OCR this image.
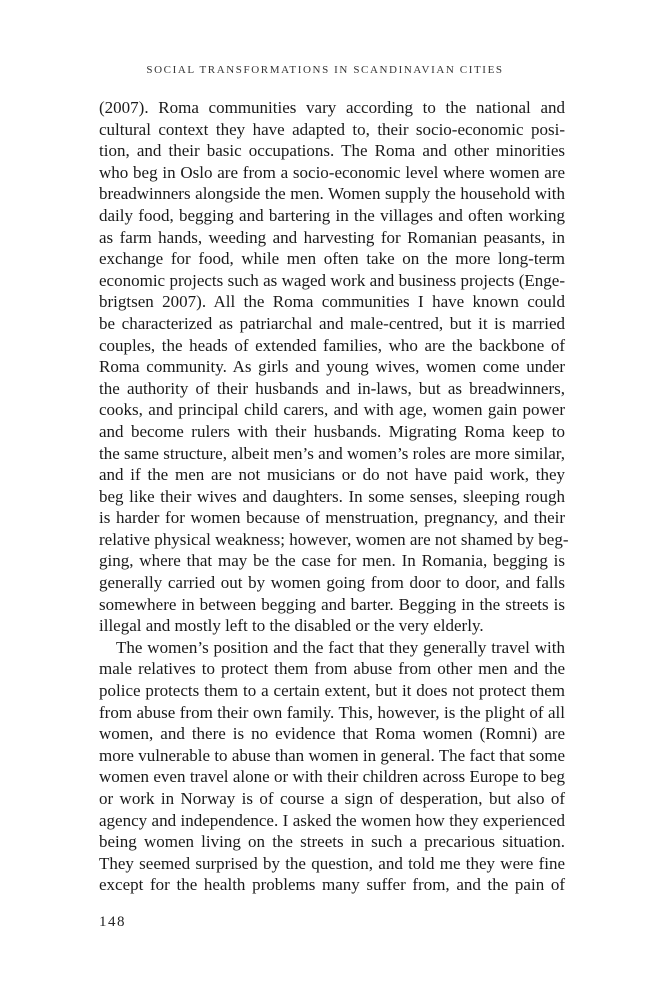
SOCIAL TRANSFORMATIONS IN SCANDINAVIAN CITIES
(2007). Roma communities vary according to the national and
cultural context they have adapted to, their socio-economic posi-
tion, and their basic occupations. The Roma and other minorities
who beg in Oslo are from a socio-economic level where women are
breadwinners alongside the men. Women supply the household with
daily food, begging and bartering in the villages and often working
as farm hands, weeding and harvesting for Romanian peasants, in
exchange for food, while men often take on the more long-term
economic projects such as waged work and business projects (Enge-
brigtsen 2007). All the Roma communities I have known could
be characterized as patriarchal and male-centred, but it is married
couples, the heads of extended families, who are the backbone of
Roma community. As girls and young wives, women come under
the authority of their husbands and in-laws, but as breadwinners,
cooks, and principal child carers, and with age, women gain power
and become rulers with their husbands. Migrating Roma keep to
the same structure, albeit men’s and women’s roles are more similar,
and if the men are not musicians or do not have paid work, they
beg like their wives and daughters. In some senses, sleeping rough
is harder for women because of menstruation, pregnancy, and their
relative physical weakness; however, women are not shamed by beg-
ging, where that may be the case for men. In Romania, begging is
generally carried out by women going from door to door, and falls
somewhere in between begging and barter. Begging in the streets is
illegal and mostly left to the disabled or the very elderly.
The women’s position and the fact that they generally travel with
male relatives to protect them from abuse from other men and the
police protects them to a certain extent, but it does not protect them
from abuse from their own family. This, however, is the plight of all
women, and there is no evidence that Roma women (Romni) are
more vulnerable to abuse than women in general. The fact that some
women even travel alone or with their children across Europe to beg
or work in Norway is of course a sign of desperation, but also of
agency and independence. I asked the women how they experienced
being women living on the streets in such a precarious situation.
They seemed surprised by the question, and told me they were fine
except for the health problems many suffer from, and the pain of
148
